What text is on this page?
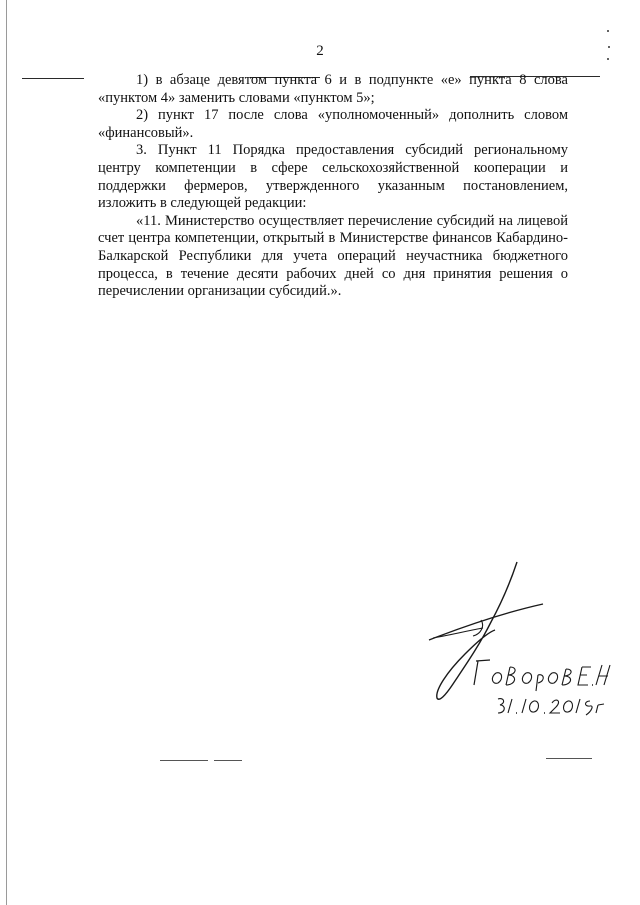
2

1) в абзаце девятом пункта 6 и в подпункте «е» пункта 8 слова «пунктом 4» заменить словами «пунктом 5»;

2) пункт 17 после слова «уполномоченный» дополнить словом «финансовый».

3. Пункт 11 Порядка предоставления субсидий региональному центру компетенции в сфере сельскохозяйственной кооперации и поддержки фермеров, утвержденного указанным постановлением, изложить в следующей редакции:

«11. Министерство осуществляет перечисление субсидий на лицевой счет центра компетенции, открытый в Министерстве финансов Кабардино-Балкарской Республики для учета операций неучастника бюджетного процесса, в течение десяти рабочих дней со дня принятия решения о перечислении организации субсидий.».
